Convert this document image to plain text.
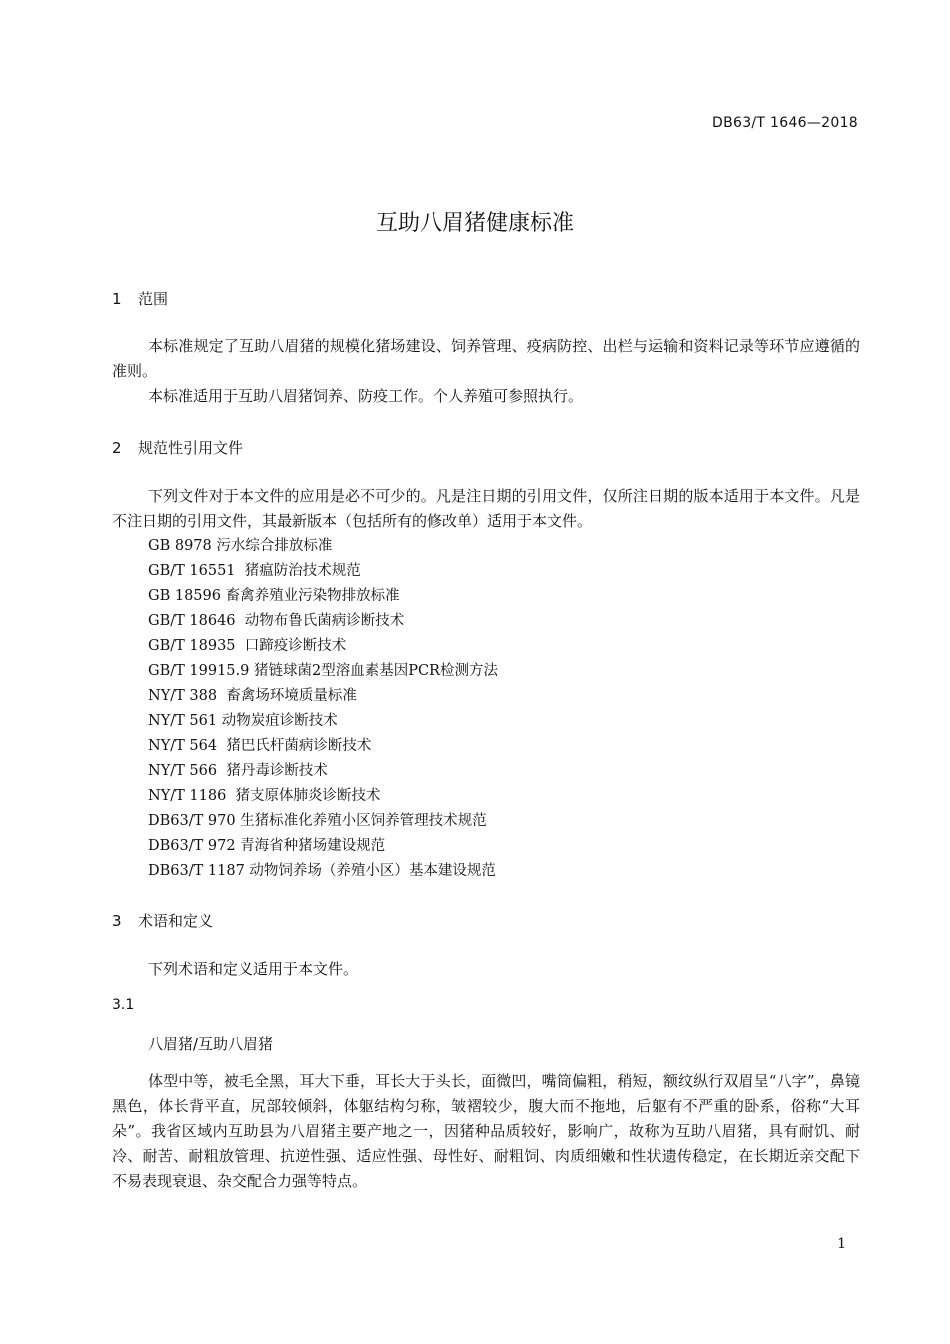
DB63/T 1646—2018
互助八眉猪健康标准
1 范围

本标准规定了互助八眉猪的规模化猪场建设、饲养管理、疫病防控、出栏与运输和资料记录等环节应遵循的准则。

本标准适用于互助八眉猪饲养、防疫工作。个人养殖可参照执行。

2 规范性引用文件

下列文件对于本文件的应用是必不可少的。凡是注日期的引用文件，仅所注日期的版本适用于本文件。凡是不注日期的引用文件，其最新版本（包括所有的修改单）适用于本文件。

GB 8978 污水综合排放标准
GB/T 16551 猪瘟防治技术规范
GB 18596 畜禽养殖业污染物排放标准
GB/T 18646 动物布鲁氏菌病诊断技术
GB/T 18935 口蹄疫诊断技术
GB/T 19915.9 猪链球菌2型溶血素基因PCR检测方法
NY/T 388 畜禽场环境质量标准
NY/T 561 动物炭疽诊断技术
NY/T 564 猪巴氏杆菌病诊断技术
NY/T 566 猪丹毒诊断技术
NY/T 1186 猪支原体肺炎诊断技术
DB63/T 970 生猪标准化养殖小区饲养管理技术规范
DB63/T 972 青海省种猪场建设规范
DB63/T 1187 动物饲养场（养殖小区）基本建设规范
3 术语和定义

下列术语和定义适用于本文件。

3.1
八眉猪/互助八眉猪

体型中等，被毛全黑，耳大下垂，耳长大于头长，面微凹，嘴筒偏粗，稍短，额纹纵行双眉呈“八字”，鼻镜黑色，体长背平直，尻部较倾斜，体躯结构匀称，皱褶较少，腹大而不拖地，后躯有不严重的卧系，俗称“大耳朵”。我省区域内互助县为八眉猪主要产地之一，因猪种品质较好，影响广，故称为互助八眉猪，具有耐饥、耐冷、耐苦、耐粗放管理、抗逆性强、适应性强、母性好、耐粗饲、肉质细嫩和性状遗传稳定，在长期近亲交配下不易表现衰退、杂交配合力强等特点。

1
